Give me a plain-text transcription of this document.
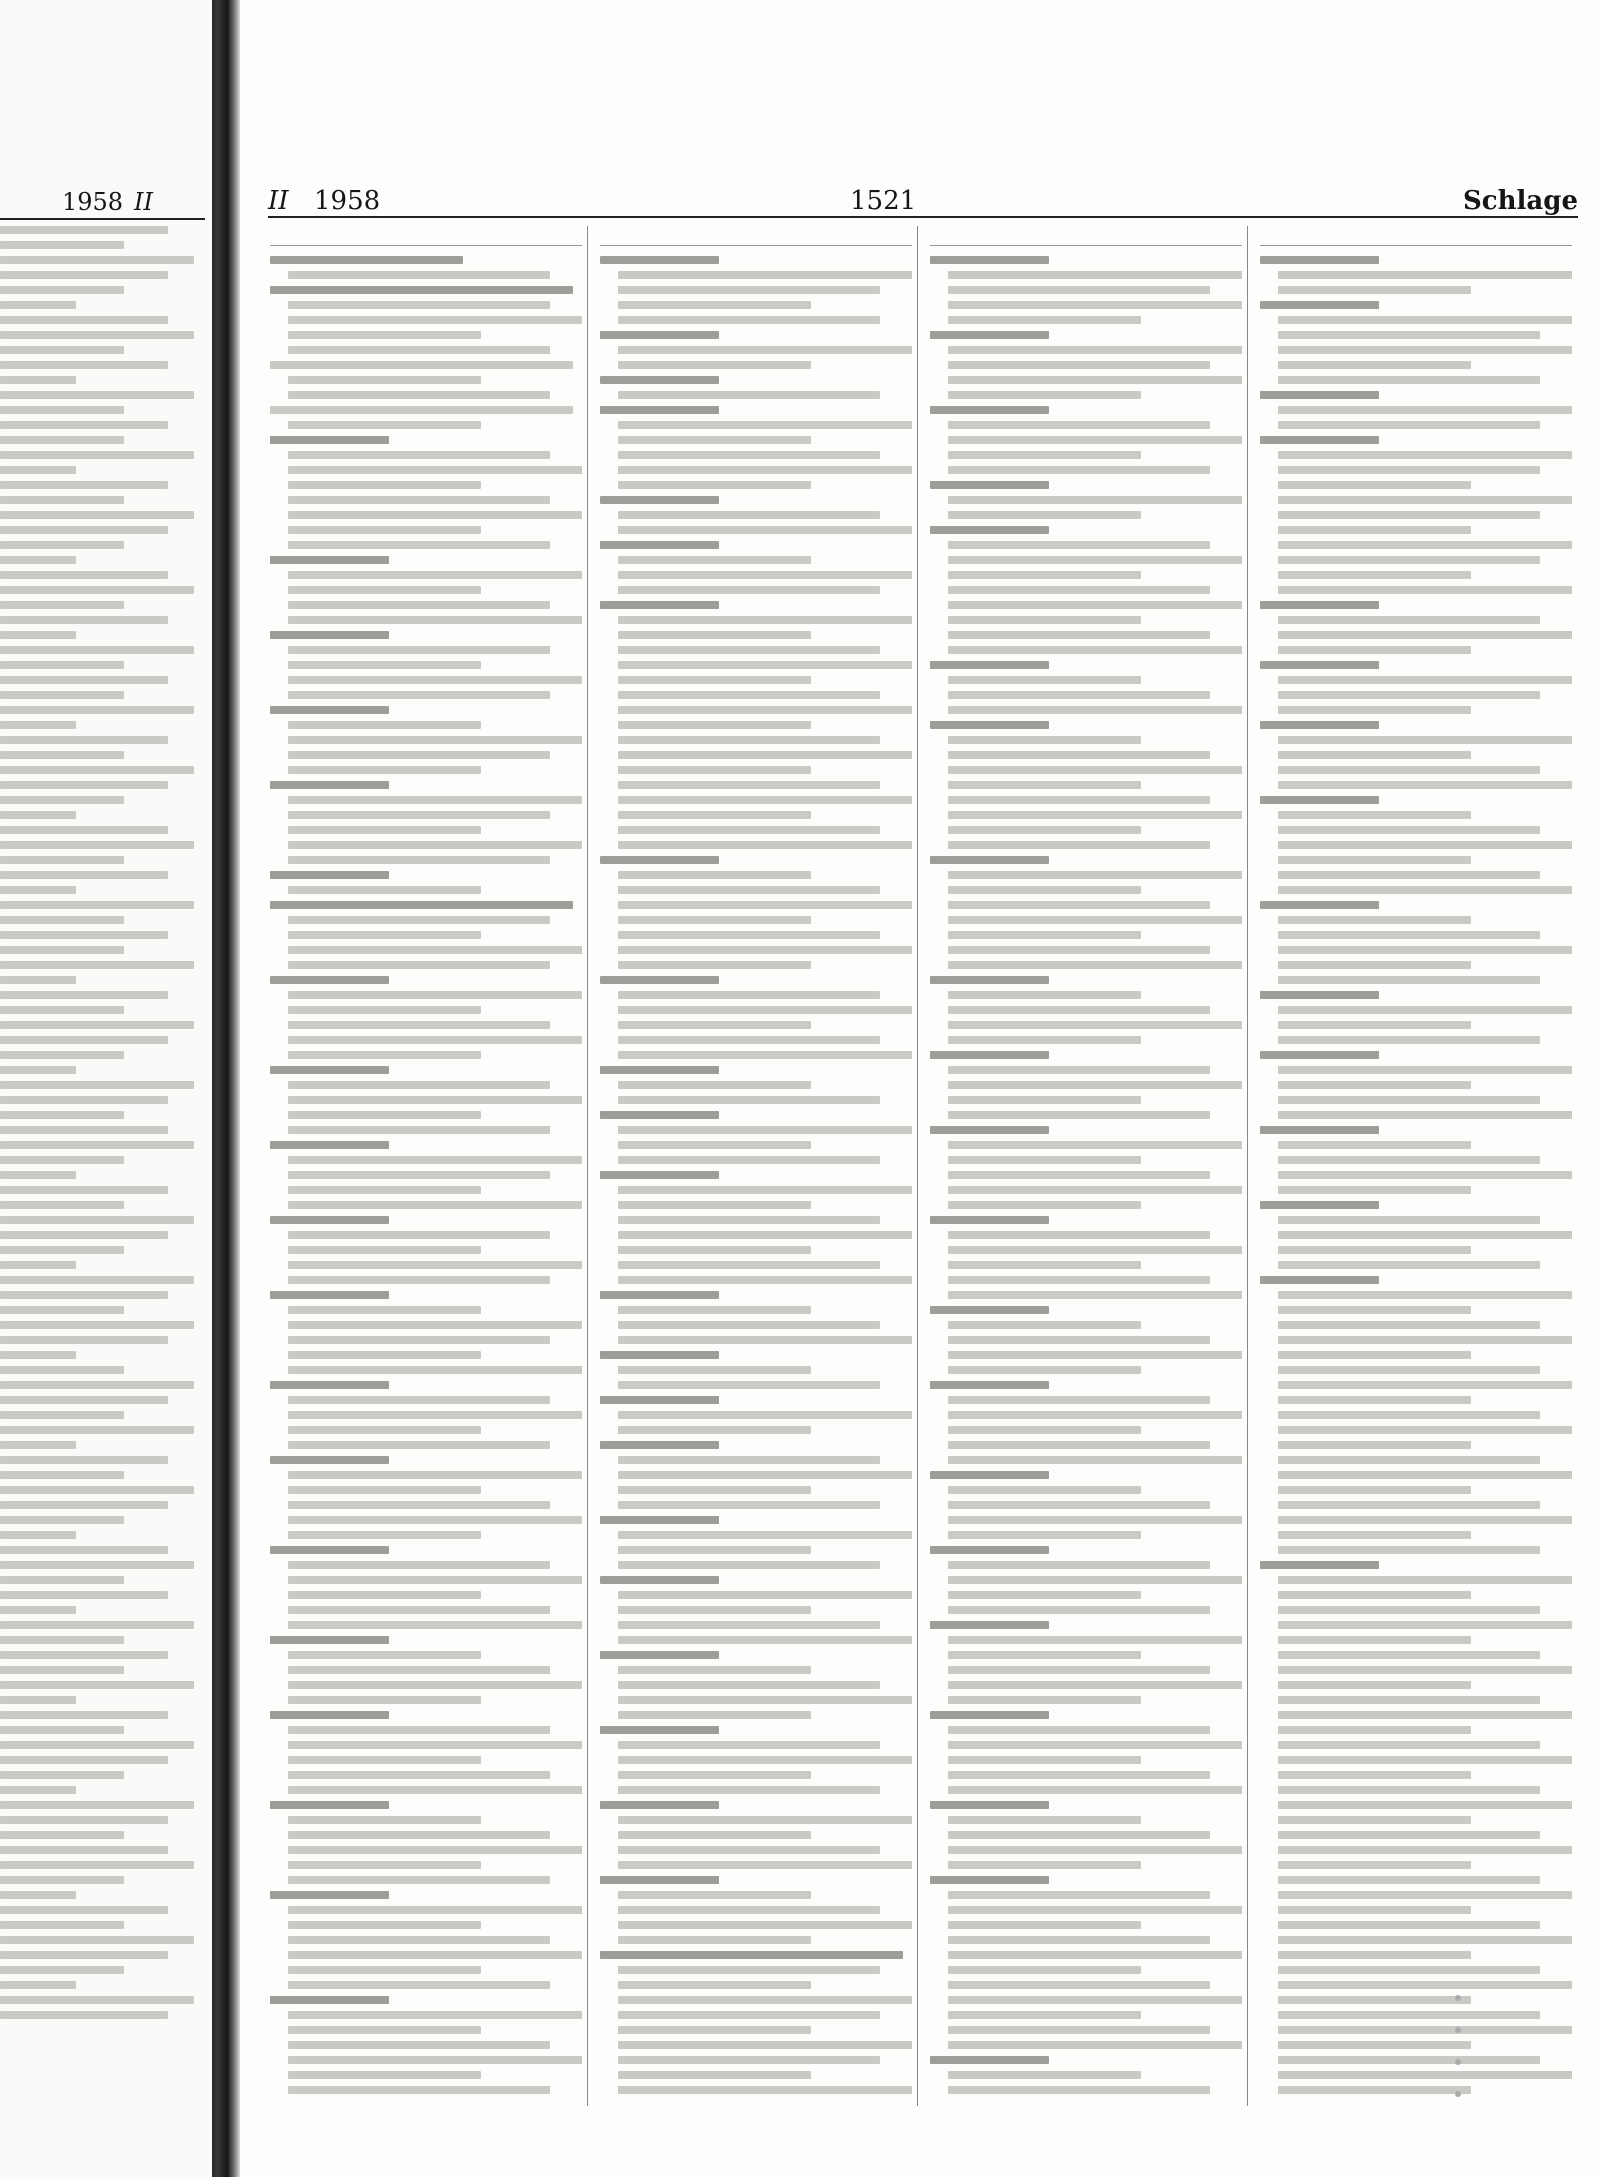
1958 II	II 1958	1521	Schlage
